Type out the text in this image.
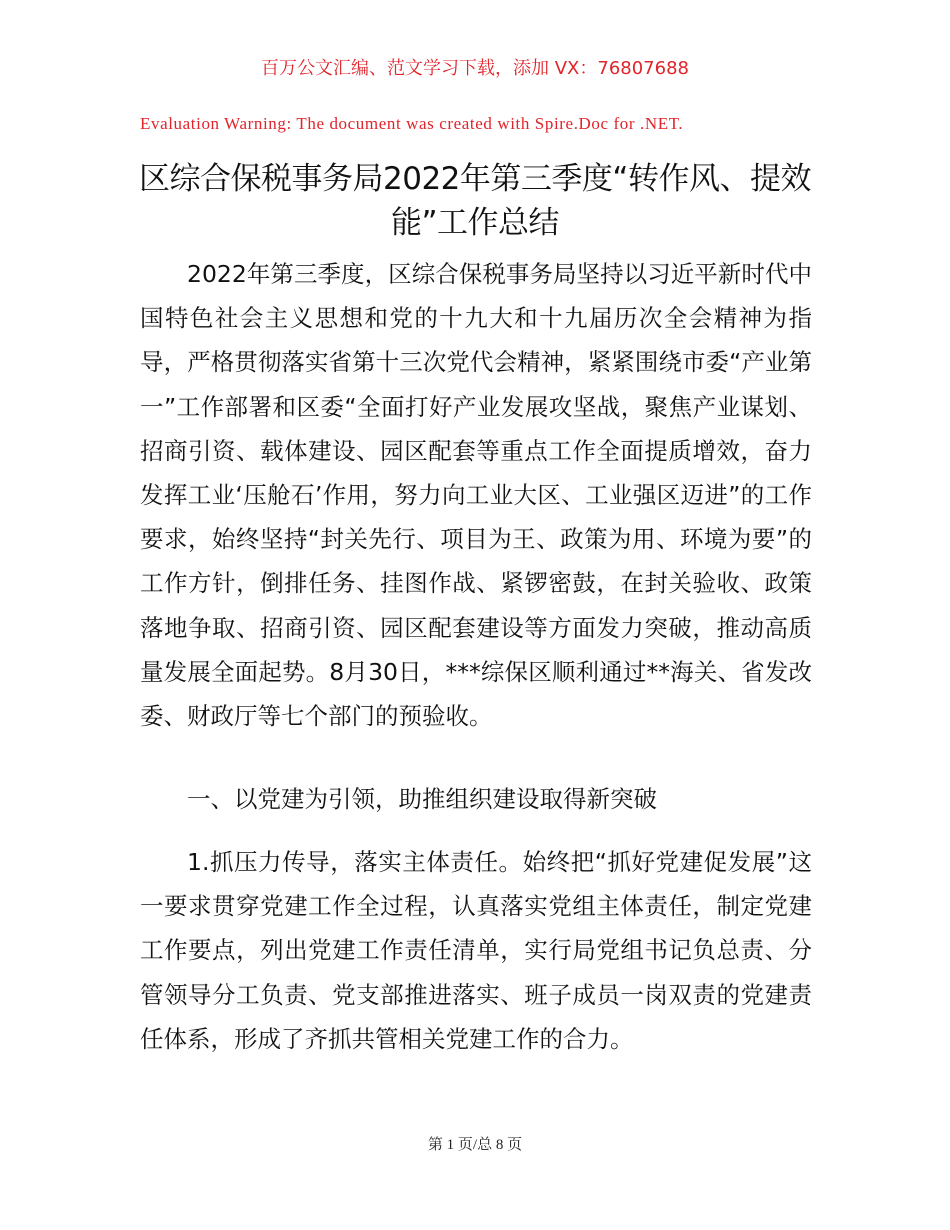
百万公文汇编、范文学习下载，添加 VX：76807688
Evaluation Warning: The document was created with Spire.Doc for .NET.
区综合保税事务局2022年第三季度“转作风、提效能”工作总结

2022年第三季度，区综合保税事务局坚持以习近平新时代中国特色社会主义思想和党的十九大和十九届历次全会精神为指导，严格贯彻落实省第十三次党代会精神，紧紧围绕市委“产业第一”工作部署和区委“全面打好产业发展攻坚战，聚焦产业谋划、招商引资、载体建设、园区配套等重点工作全面提质增效，奋力发挥工业‘压舱石’作用，努力向工业大区、工业强区迈进”的工作要求，始终坚持“封关先行、项目为王、政策为用、环境为要”的工作方针，倒排任务、挂图作战、紧锣密鼓，在封关验收、政策落地争取、招商引资、园区配套建设等方面发力突破，推动高质量发展全面起势。8月30日，***综保区顺利通过**海关、省发改委、财政厅等七个部门的预验收。

一、以党建为引领，助推组织建设取得新突破

1.抓压力传导，落实主体责任。始终把“抓好党建促发展”这一要求贯穿党建工作全过程，认真落实党组主体责任，制定党建工作要点，列出党建工作责任清单，实行局党组书记负总责、分管领导分工负责、党支部推进落实、班子成员一岗双责的党建责任体系，形成了齐抓共管相关党建工作的合力。

第 1 页/总 8 页
